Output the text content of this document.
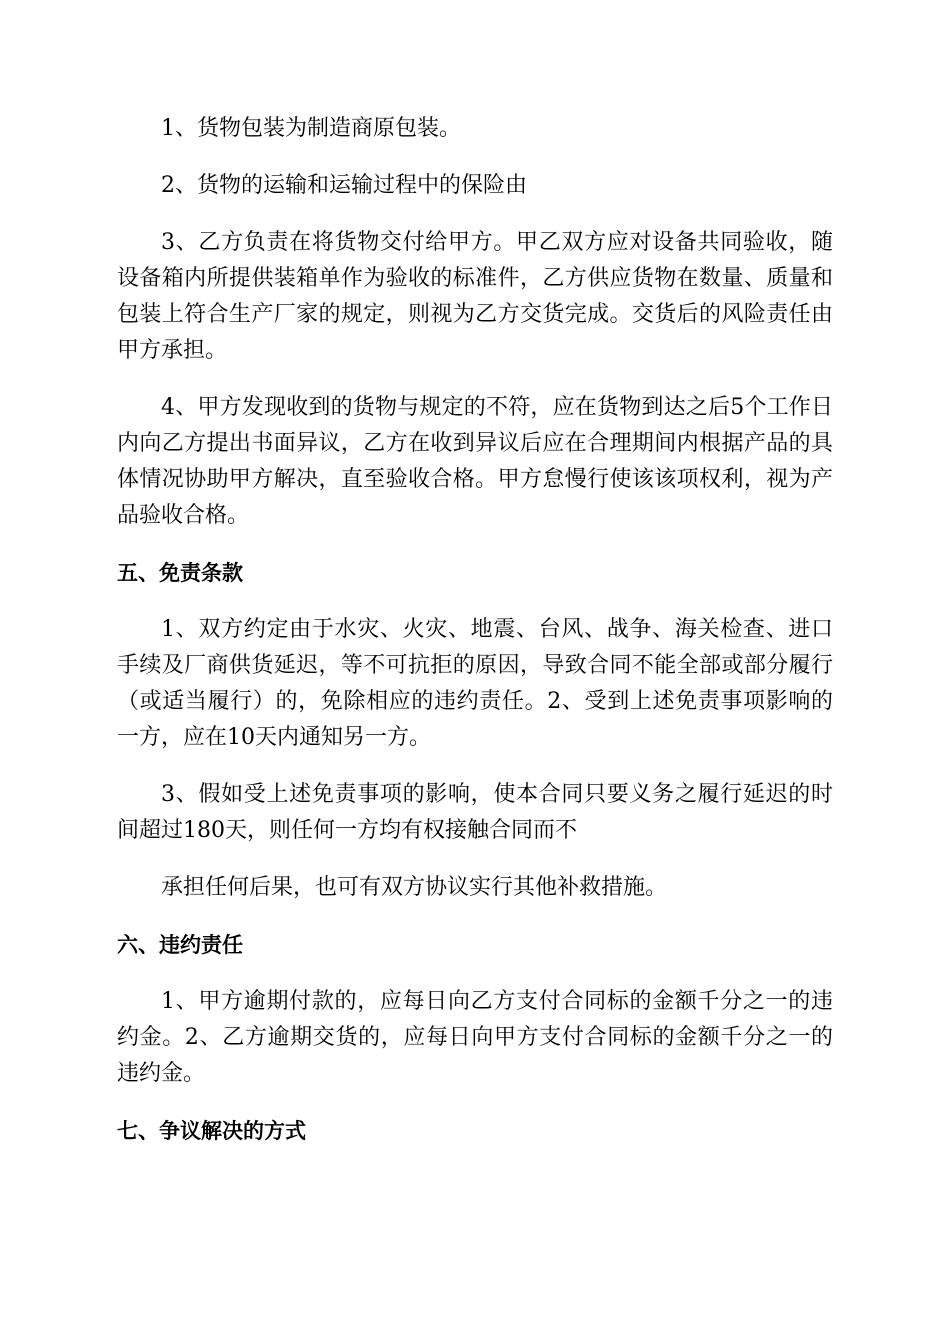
1、货物包装为制造商原包装。

2、货物的运输和运输过程中的保险由

3、乙方负责在将货物交付给甲方。甲乙双方应对设备共同验收，随设备箱内所提供装箱单作为验收的标准件，乙方供应货物在数量、质量和包装上符合生产厂家的规定，则视为乙方交货完成。交货后的风险责任由甲方承担。

4、甲方发现收到的货物与规定的不符，应在货物到达之后5个工作日内向乙方提出书面异议，乙方在收到异议后应在合理期间内根据产品的具体情况协助甲方解决，直至验收合格。甲方怠慢行使该该项权利，视为产品验收合格。

五、免责条款

1、双方约定由于水灾、火灾、地震、台风、战争、海关检查、进口手续及厂商供货延迟，等不可抗拒的原因，导致合同不能全部或部分履行（或适当履行）的，免除相应的违约责任。2、受到上述免责事项影响的一方，应在10天内通知另一方。

3、假如受上述免责事项的影响，使本合同只要义务之履行延迟的时间超过180天，则任何一方均有权接触合同而不

承担任何后果，也可有双方协议实行其他补救措施。

六、违约责任

1、甲方逾期付款的，应每日向乙方支付合同标的金额千分之一的违约金。2、乙方逾期交货的，应每日向甲方支付合同标的金额千分之一的违约金。

七、争议解决的方式
